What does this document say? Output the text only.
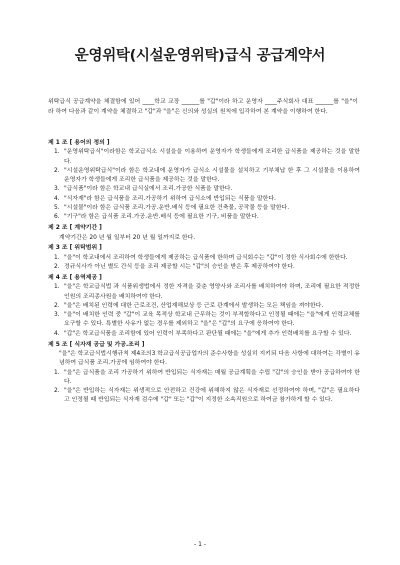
운영위탁(시설운영위탁)급식 공급계약서
위탁급식 공급계약을 체결함에 있어 ____학교 교장 ______를 "갑"이라 하고 운영자 ____주식회사 대표 ______를 "을"이라 하여 다음과 같이 계약을 체결하고 "갑"과 "을"은 신의와 성실의 원칙에 입각하여 본 계약을 이행하여 한다.
제 1 조 [ 용어의 정의 ]
1. "운영위탁급식"이라함은 학교급식소 시설을을 이용하여 운영자가 학생들에게 조리한 급식품을 제공하는 것을 말한다.
2. "시설운영위탁급식"이라 함은 학교내에 운영자가 급식소 시설물을 설치하고 기부채납 한 후 그 시설물을 이용하여 운영자가 학생들에게 조리한 급식품을 제공하는 것을 말한다.
3. "급식품"이라 함은 학교내 급식실에서 조리.가공한 식품을 말한다.
4. "식자재"라 함은 급식품을 조리.가공하기 위하여 급식소에 반입되는 식품을 말한다.
5. "시설물"이라 함은 급식품 조리.가공.운반.배식 등에 필요한 건축물, 공작물 등을 말한다.
6. "기구"라 함은 급식품 조리.가공.운반.배식 등에 필요한 기구, 비품을 말한다.
제 2 조 [ 계약기간 ]
계약기간은 20 년 월 일부터 20 년 월 일까지로 한다.
제 3 조 [ 위탁범위 ]
1. "을"이 학교내에서 조리하여 학생들에게 제공하는 급식품에 한하며 급식회수는 "갑"이 정한 식사회수에 한한다.
2. 정규식사가 아닌 별도 간식 등을 조리 제공할 시는 "갑"의 승인을 받은 후 제공하여야 한다.
제 4 조 [ 용역제공 ]
1. "을"은 학교급식법 과 식품위생법에서 정한 자격을 갖춘 영양사와 조리사를 배치하여야 하며, 조리에 필요한 적정한 인원의 조리종사원을 배치하여야 한다.
2. "을"은 배치된 인력에 대한 근로조건, 산업재해보상 등 근로 관계에서 발생하는 모든 책임을 져야한다.
3. "을"이 배치한 인력 중 "갑"이 교육 목적상 학교내 근무하는 것이 부적합하다고 인정될 때에는 "을"에게 인력교체를 요구할 수 있다. 특별한 사유가 없는 경우를 제외하고 "을"은 "갑"의 요구에 응하여야 한다.
4. "갑"은 학교급식품을 조리함에 있어 인력이 부족하다고 판단될 때에는 "을"에게 추가 인력배치를 요구할 수 있다.
제 5 조 [ 식자재 공급 및 가공.조리 ]
"을"은 학교급식법시행규칙 제4조의3 학교급식공급업자의 준수사항을 성실히 지키되 다음 사항에 대하여는 각별이 유념하여 급식품 조리.가공에 임하여야 한다.
1. "을"은 급식품을 조리 가공하기 위하여 반입되는 식자재는 매월 공급계획을 수립 "갑"의 승인을 받아 공급하여야 한다.
2. "을"은 반입하는 식자재는 위생적으로 안전하고 건강에 위해하지 않은 식자재로 선정하여야 하며, "갑"은 필요하다고 인정될 때 반입되는 식자재 검수에 "갑" 또는 "갑"이 지정한 소속직원으로 하여금 참가하게 할 수 있다.
- 1 -
